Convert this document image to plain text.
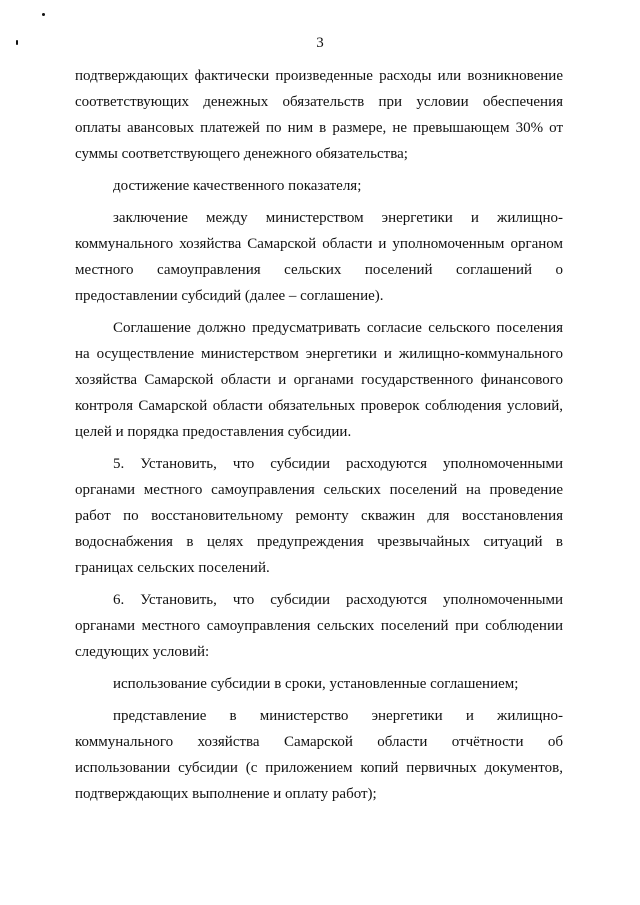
3
подтверждающих фактически произведенные расходы или возникновение
соответствующих денежных обязательств при условии обеспечения
оплаты авансовых платежей по ним в размере, не превышающем 30% от
суммы соответствующего денежного обязательства;
достижение качественного показателя;
заключение между министерством энергетики и жилищно-
коммунального хозяйства Самарской области и уполномоченным органом
местного самоуправления сельских поселений соглашений о
предоставлении субсидий (далее – соглашение).
Соглашение должно предусматривать согласие сельского поселения
на осуществление министерством энергетики и жилищно-коммунального
хозяйства Самарской области и органами государственного финансового
контроля Самарской области обязательных проверок соблюдения условий,
целей и порядка предоставления субсидии.
5. Установить, что субсидии расходуются уполномоченными
органами местного самоуправления сельских поселений на проведение
работ по восстановительному ремонту скважин для восстановления
водоснабжения в целях предупреждения чрезвычайных ситуаций в
границах сельских поселений.
6. Установить, что субсидии расходуются уполномоченными
органами местного самоуправления сельских поселений при соблюдении
следующих условий:
использование субсидии в сроки, установленные соглашением;
представление в министерство энергетики и жилищно-
коммунального хозяйства Самарской области отчётности об
использовании субсидии (с приложением копий первичных документов,
подтверждающих выполнение и оплату работ);
